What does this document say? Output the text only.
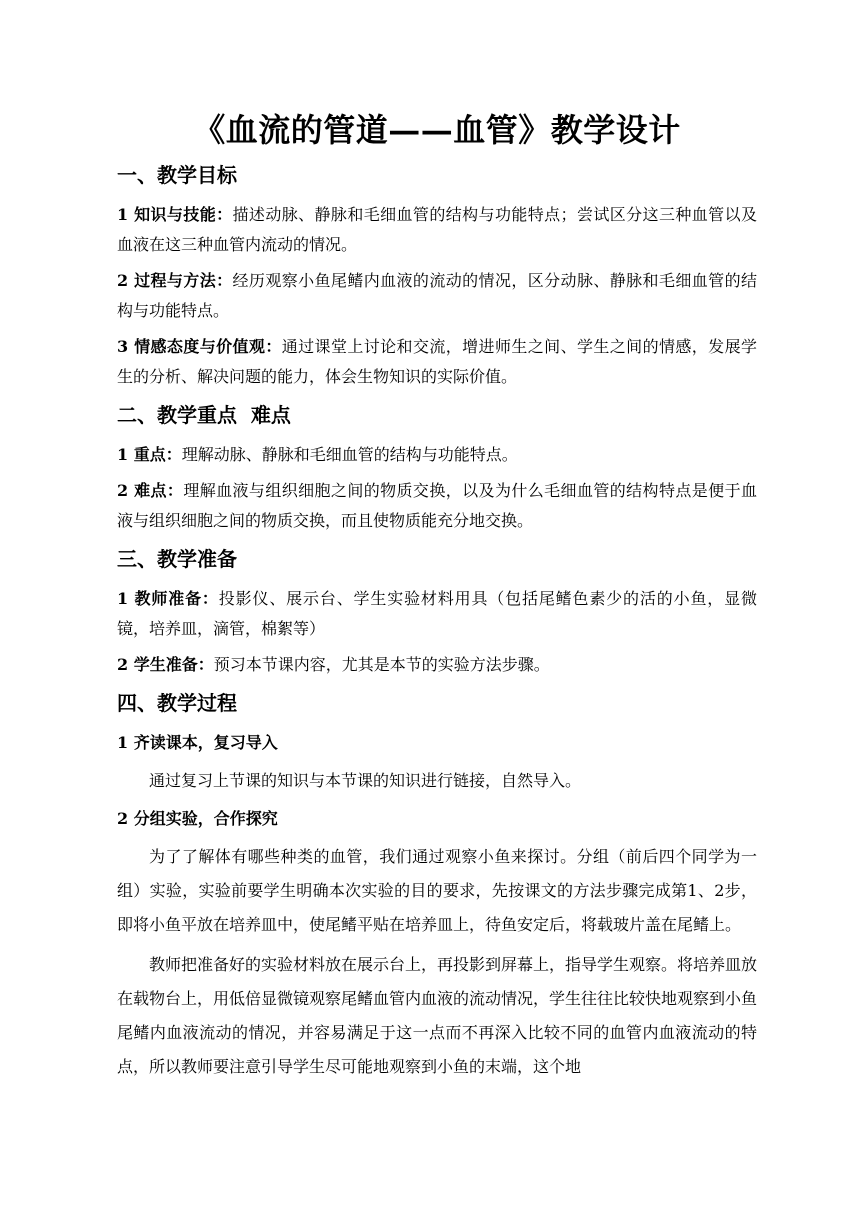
《血流的管道——血管》教学设计
一、教学目标

1 知识与技能：描述动脉、静脉和毛细血管的结构与功能特点；尝试区分这三种血管以及血液在这三种血管内流动的情况。

2 过程与方法：经历观察小鱼尾鳍内血液的流动的情况，区分动脉、静脉和毛细血管的结构与功能特点。

3 情感态度与价值观：通过课堂上讨论和交流，增进师生之间、学生之间的情感，发展学生的分析、解决问题的能力，体会生物知识的实际价值。

二、教学重点  难点

1 重点：理解动脉、静脉和毛细血管的结构与功能特点。

2 难点：理解血液与组织细胞之间的物质交换，以及为什么毛细血管的结构特点是便于血液与组织细胞之间的物质交换，而且使物质能充分地交换。

三、教学准备

1 教师准备：投影仪、展示台、学生实验材料用具（包括尾鳍色素少的活的小鱼，显微镜，培养皿，滴管，棉絮等）

2 学生准备：预习本节课内容，尤其是本节的实验方法步骤。

四、教学过程
1 齐读课本，复习导入

通过复习上节课的知识与本节课的知识进行链接，自然导入。

2 分组实验，合作探究

为了了解体有哪些种类的血管，我们通过观察小鱼来探讨。分组（前后四个同学为一组）实验，实验前要学生明确本次实验的目的要求，先按课文的方法步骤完成第1、2步，即将小鱼平放在培养皿中，使尾鳍平贴在培养皿上，待鱼安定后，将载玻片盖在尾鳍上。

教师把准备好的实验材料放在展示台上，再投影到屏幕上，指导学生观察。将培养皿放在载物台上，用低倍显微镜观察尾鳍血管内血液的流动情况，学生往往比较快地观察到小鱼尾鳍内血液流动的情况，并容易满足于这一点而不再深入比较不同的血管内血液流动的特点，所以教师要注意引导学生尽可能地观察到小鱼的末端，这个地
